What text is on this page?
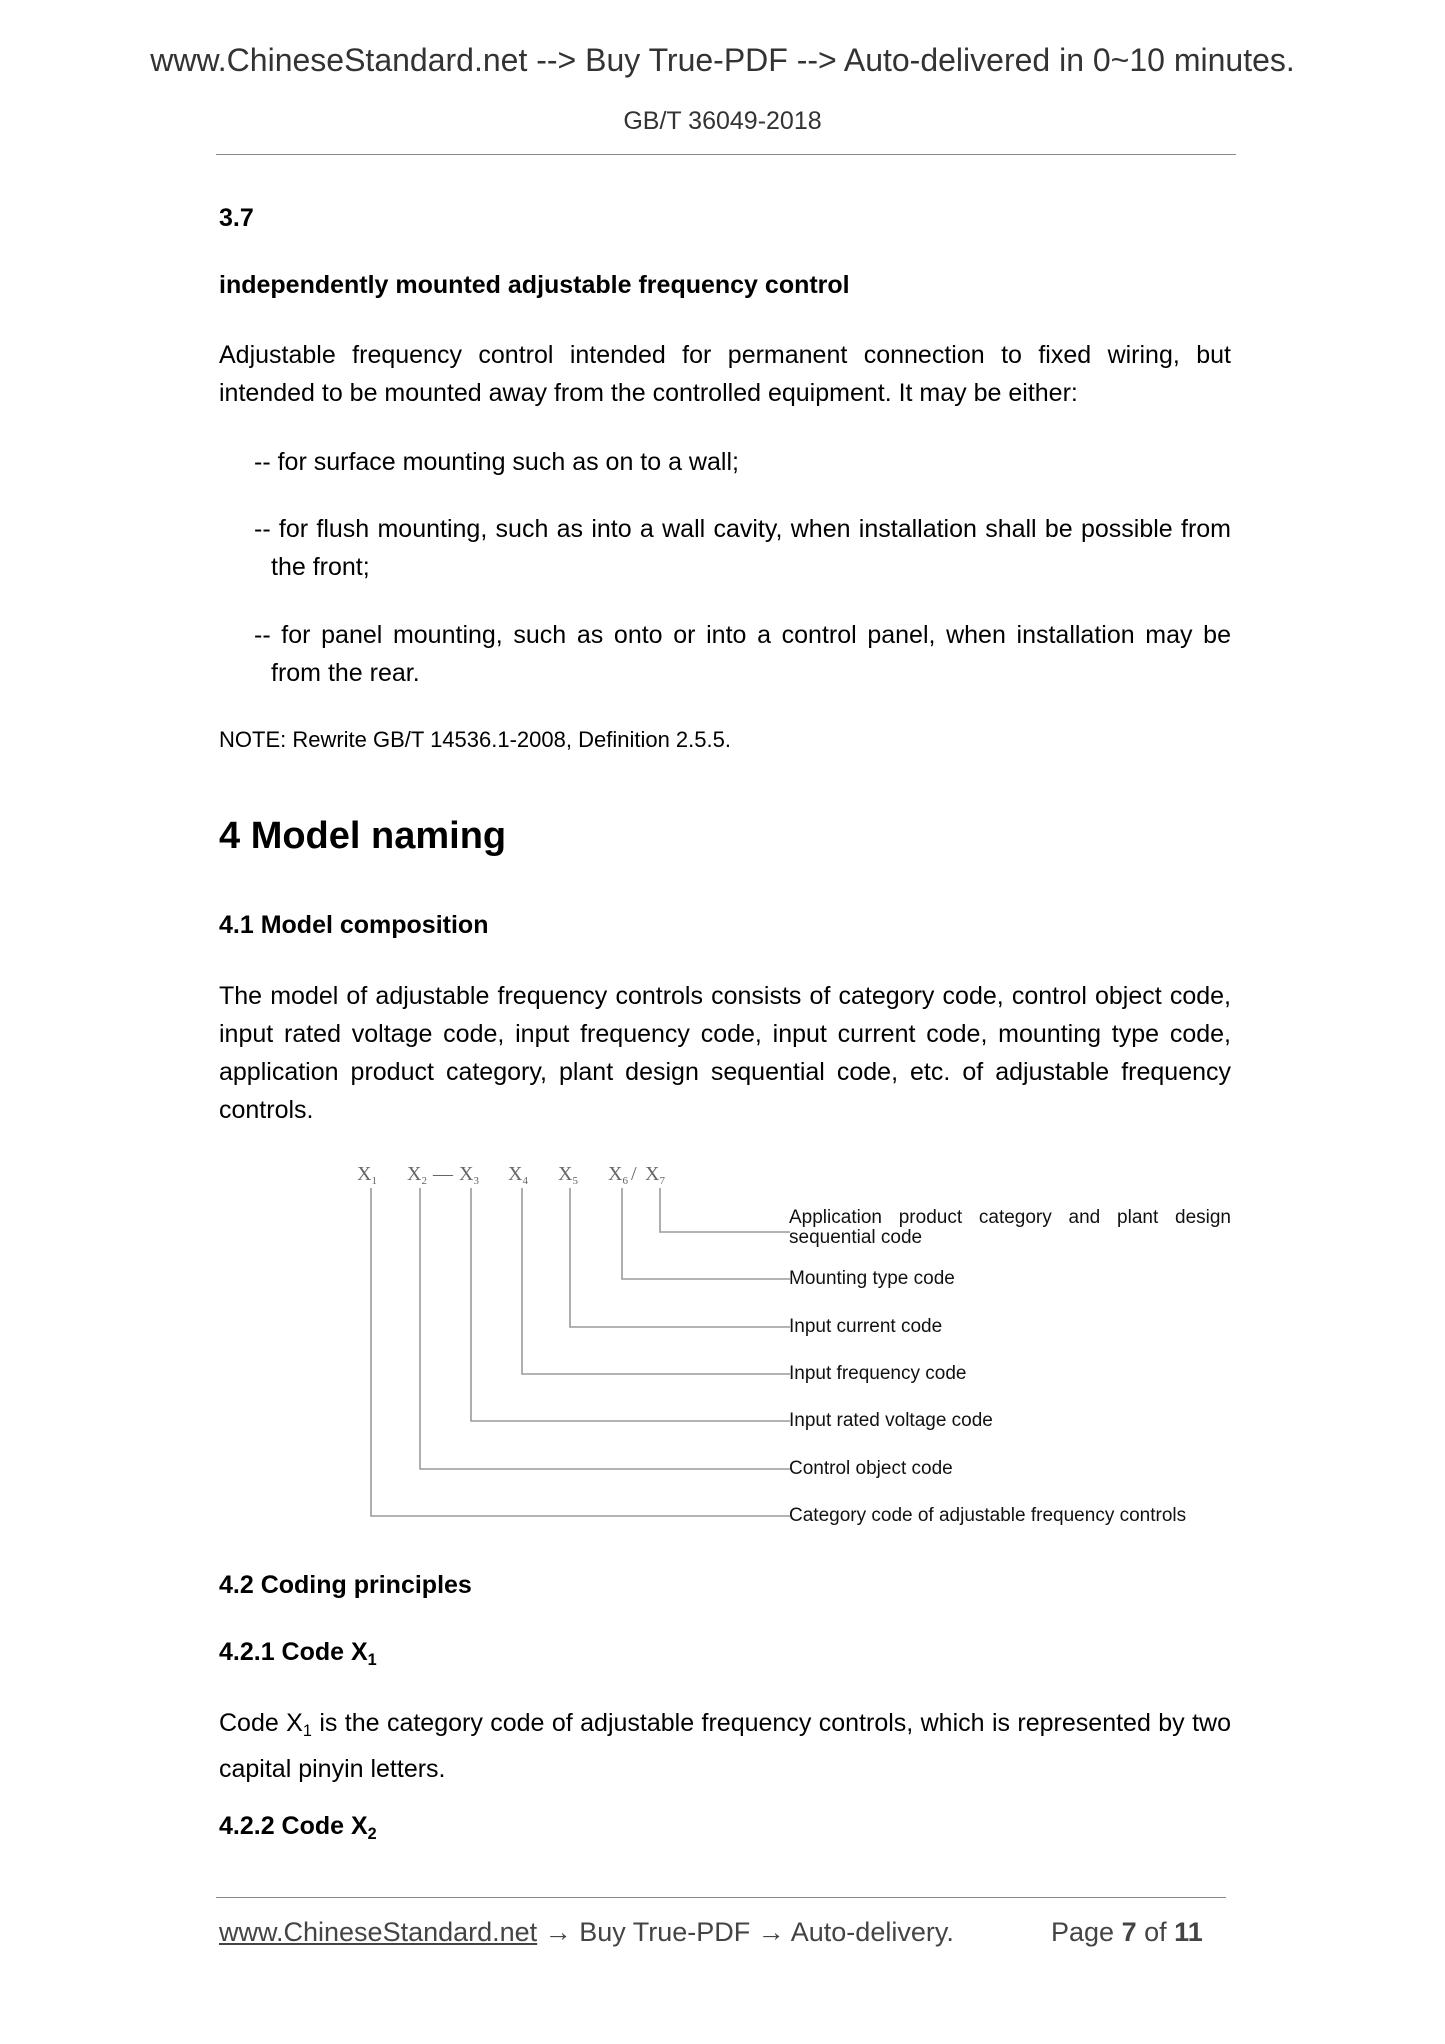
www.ChineseStandard.net --> Buy True-PDF --> Auto-delivered in 0~10 minutes.
GB/T 36049-2018
3.7
independently mounted adjustable frequency control
Adjustable frequency control intended for permanent connection to fixed wiring, but intended to be mounted away from the controlled equipment. It may be either:
-- for surface mounting such as on to a wall;
-- for flush mounting, such as into a wall cavity, when installation shall be possible from the front;
-- for panel mounting, such as onto or into a control panel, when installation may be from the rear.
NOTE: Rewrite GB/T 14536.1-2008, Definition 2.5.5.
4 Model naming
4.1 Model composition
The model of adjustable frequency controls consists of category code, control object code, input rated voltage code, input frequency code, input current code, mounting type code, application product category, plant design sequential code, etc. of adjustable frequency controls.
4.2 Coding principles
4.2.1 Code $X_1$
Code $X_1$ is the category code of adjustable frequency controls, which is represented by two capital pinyin letters.
4.2.2 Code $X_2$
$X_1$ $X_2$ — $X_3$ $X_4$ $X_5$ $X_6 / X_7$
Application product category and plant design sequential code
Mounting type code
Input current code
Input frequency code
Input rated voltage code
Control object code
Category code of adjustable frequency controls
www.ChineseStandard.net → Buy True-PDF → Auto-delivery.	Page 7 of 11
